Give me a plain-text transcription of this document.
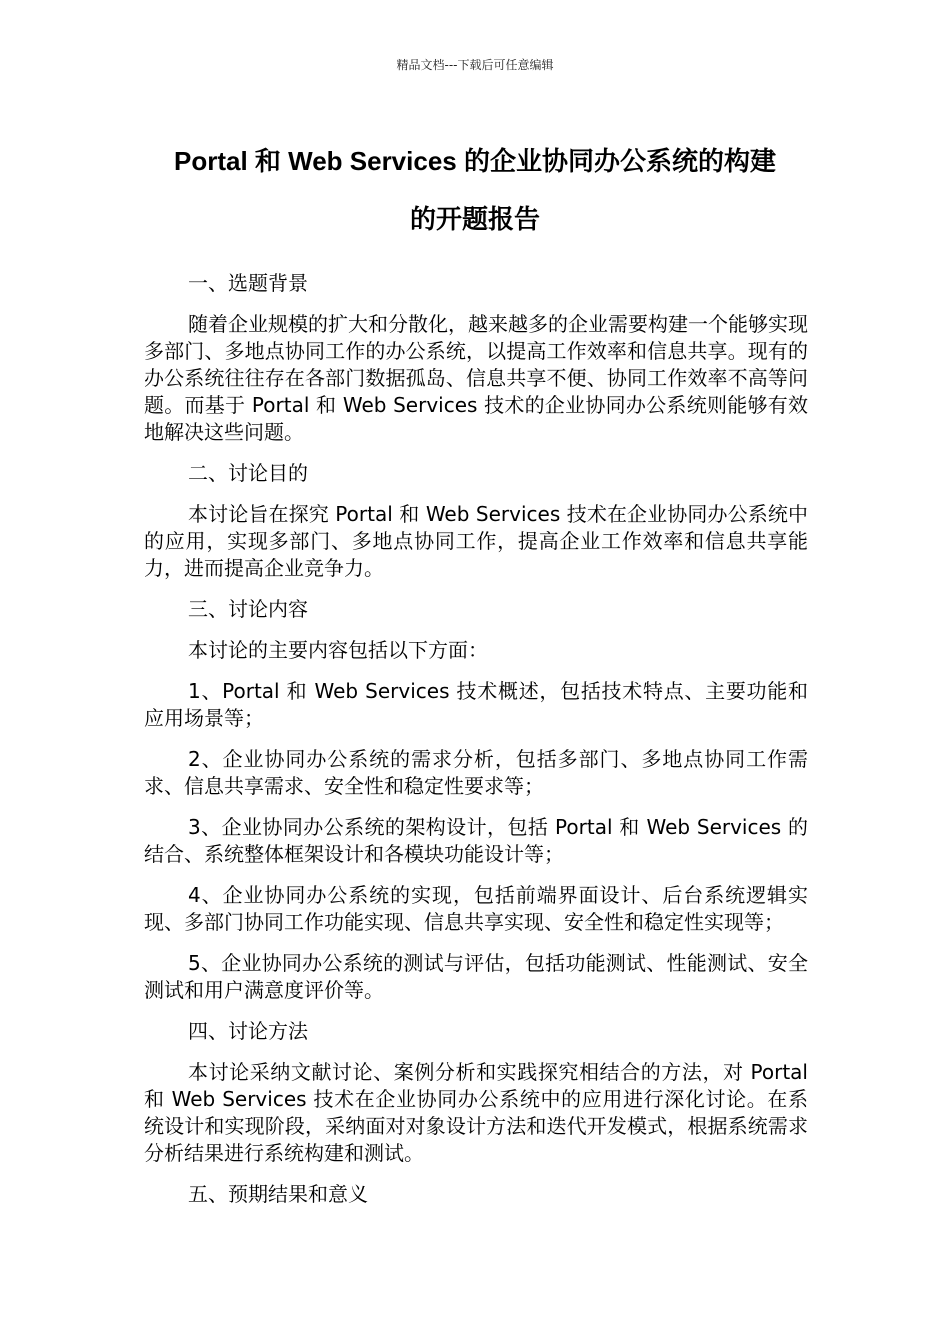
精品文档---下载后可任意编辑
Portal 和 Web Services 的企业协同办公系统的构建
的开题报告

一、选题背景

随着企业规模的扩大和分散化，越来越多的企业需要构建一个能够实现多部门、多地点协同工作的办公系统，以提高工作效率和信息共享。现有的办公系统往往存在各部门数据孤岛、信息共享不便、协同工作效率不高等问题。而基于 Portal 和 Web Services 技术的企业协同办公系统则能够有效地解决这些问题。

二、讨论目的

本讨论旨在探究 Portal 和 Web Services 技术在企业协同办公系统中的应用，实现多部门、多地点协同工作，提高企业工作效率和信息共享能力，进而提高企业竞争力。

三、讨论内容

本讨论的主要内容包括以下方面：

1、Portal 和 Web Services 技术概述，包括技术特点、主要功能和应用场景等；

2、企业协同办公系统的需求分析，包括多部门、多地点协同工作需求、信息共享需求、安全性和稳定性要求等；

3、企业协同办公系统的架构设计，包括 Portal 和 Web Services 的结合、系统整体框架设计和各模块功能设计等；

4、企业协同办公系统的实现，包括前端界面设计、后台系统逻辑实现、多部门协同工作功能实现、信息共享实现、安全性和稳定性实现等；

5、企业协同办公系统的测试与评估，包括功能测试、性能测试、安全测试和用户满意度评价等。

四、讨论方法

本讨论采纳文献讨论、案例分析和实践探究相结合的方法，对 Portal 和 Web Services 技术在企业协同办公系统中的应用进行深化讨论。在系统设计和实现阶段，采纳面对对象设计方法和迭代开发模式，根据系统需求分析结果进行系统构建和测试。

五、预期结果和意义
